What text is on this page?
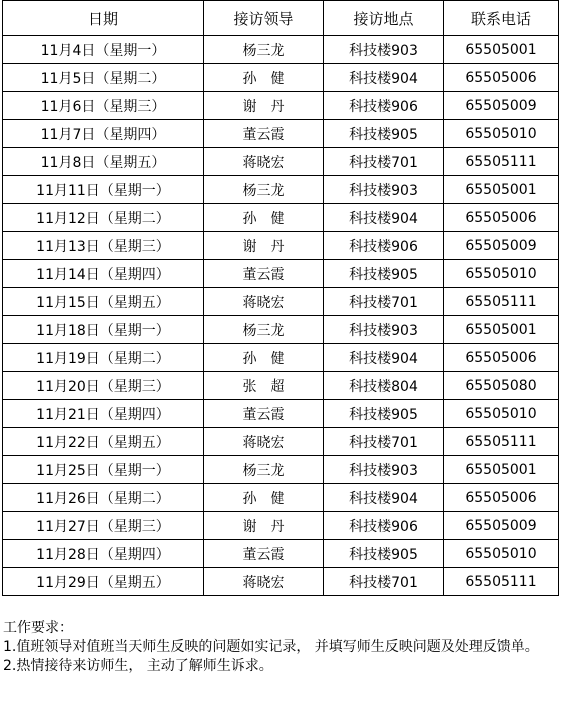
日期	接访领导	接访地点	联系电话
11月4日（星期一）	杨三龙	科技楼903	65505001
11月5日（星期二）	孙　健	科技楼904	65505006
11月6日（星期三）	谢　丹	科技楼906	65505009
11月7日（星期四）	董云霞	科技楼905	65505010
11月8日（星期五）	蒋晓宏	科技楼701	65505111
11月11日（星期一）	杨三龙	科技楼903	65505001
11月12日（星期二）	孙　健	科技楼904	65505006
11月13日（星期三）	谢　丹	科技楼906	65505009
11月14日（星期四）	董云霞	科技楼905	65505010
11月15日（星期五）	蒋晓宏	科技楼701	65505111
11月18日（星期一）	杨三龙	科技楼903	65505001
11月19日（星期二）	孙　健	科技楼904	65505006
11月20日（星期三）	张　超	科技楼804	65505080
11月21日（星期四）	董云霞	科技楼905	65505010
11月22日（星期五）	蒋晓宏	科技楼701	65505111
11月25日（星期一）	杨三龙	科技楼903	65505001
11月26日（星期二）	孙　健	科技楼904	65505006
11月27日（星期三）	谢　丹	科技楼906	65505009
11月28日（星期四）	董云霞	科技楼905	65505010
11月29日（星期五）	蒋晓宏	科技楼701	65505111
工作要求：
1.值班领导对值班当天师生反映的问题如实记录， 并填写师生反映问题及处理反馈单。
2.热情接待来访师生， 主动了解师生诉求。
